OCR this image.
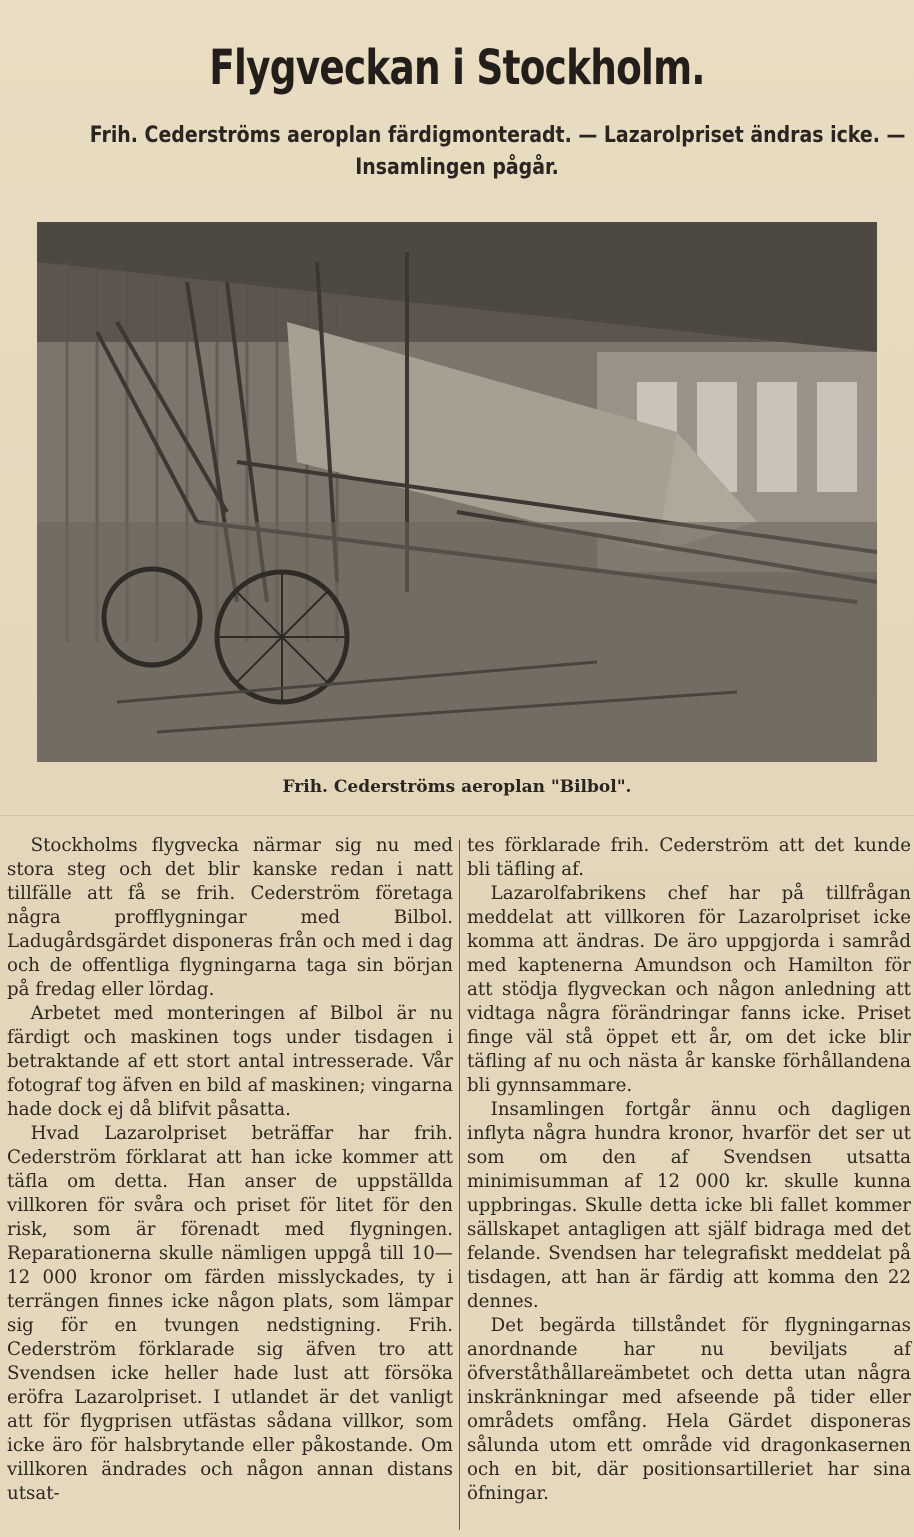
Flygveckan i Stockholm.
Frih. Cederströms aeroplan färdigmonteradt. — Lazarolpriset ändras icke. —
Insamlingen pågår.
Frih. Cederströms aeroplan "Bilbol".

Stockholms flygvecka närmar sig nu med stora steg och det blir kanske redan i natt tillfälle att få se frih. Cederström företaga några profflygningar med Bilbol. Ladugårdsgärdet disponeras från och med i dag och de offentliga flygningarna taga sin början på fredag eller lördag.

Arbetet med monteringen af Bilbol är nu färdigt och maskinen togs under tisdagen i betraktande af ett stort antal intresserade. Vår fotograf tog äfven en bild af maskinen; vingarna hade dock ej då blifvit påsatta.

Hvad Lazarolpriset beträffar har frih. Cederström förklarat att han icke kommer att täfla om detta. Han anser de uppställda villkoren för svåra och priset för litet för den risk, som är förenadt med flygningen. Reparationerna skulle nämligen uppgå till 10—12 000 kronor om färden misslyckades, ty i terrängen finnes icke någon plats, som lämpar sig för en tvungen nedstigning. Frih. Cederström förklarade sig äfven tro att Svendsen icke heller hade lust att försöka eröfra Lazarolpriset. I utlandet är det vanligt att för flygprisen utfästas sådana villkor, som icke äro för halsbrytande eller påkostande. Om villkoren ändrades och någon annan distans utsat-

tes förklarade frih. Cederström att det kunde bli täfling af.

Lazarolfabrikens chef har på tillfrågan meddelat att villkoren för Lazarolpriset icke komma att ändras. De äro uppgjorda i samråd med kaptenerna Amundson och Hamilton för att stödja flygveckan och någon anledning att vidtaga några förändringar fanns icke. Priset finge väl stå öppet ett år, om det icke blir täfling af nu och nästa år kanske förhållandena bli gynnsammare.

Insamlingen fortgår ännu och dagligen inflyta några hundra kronor, hvarför det ser ut som om den af Svendsen utsatta minimisumman af 12 000 kr. skulle kunna uppbringas. Skulle detta icke bli fallet kommer sällskapet antagligen att själf bidraga med det felande. Svendsen har telegrafiskt meddelat på tisdagen, att han är färdig att komma den 22 dennes.

Det begärda tillståndet för flygningarnas anordnande har nu beviljats af öfverståthållareämbetet och detta utan några inskränkningar med afseende på tider eller områdets omfång. Hela Gärdet disponeras sålunda utom ett område vid dragonkasernen och en bit, där positionsartilleriet har sina öfningar.
